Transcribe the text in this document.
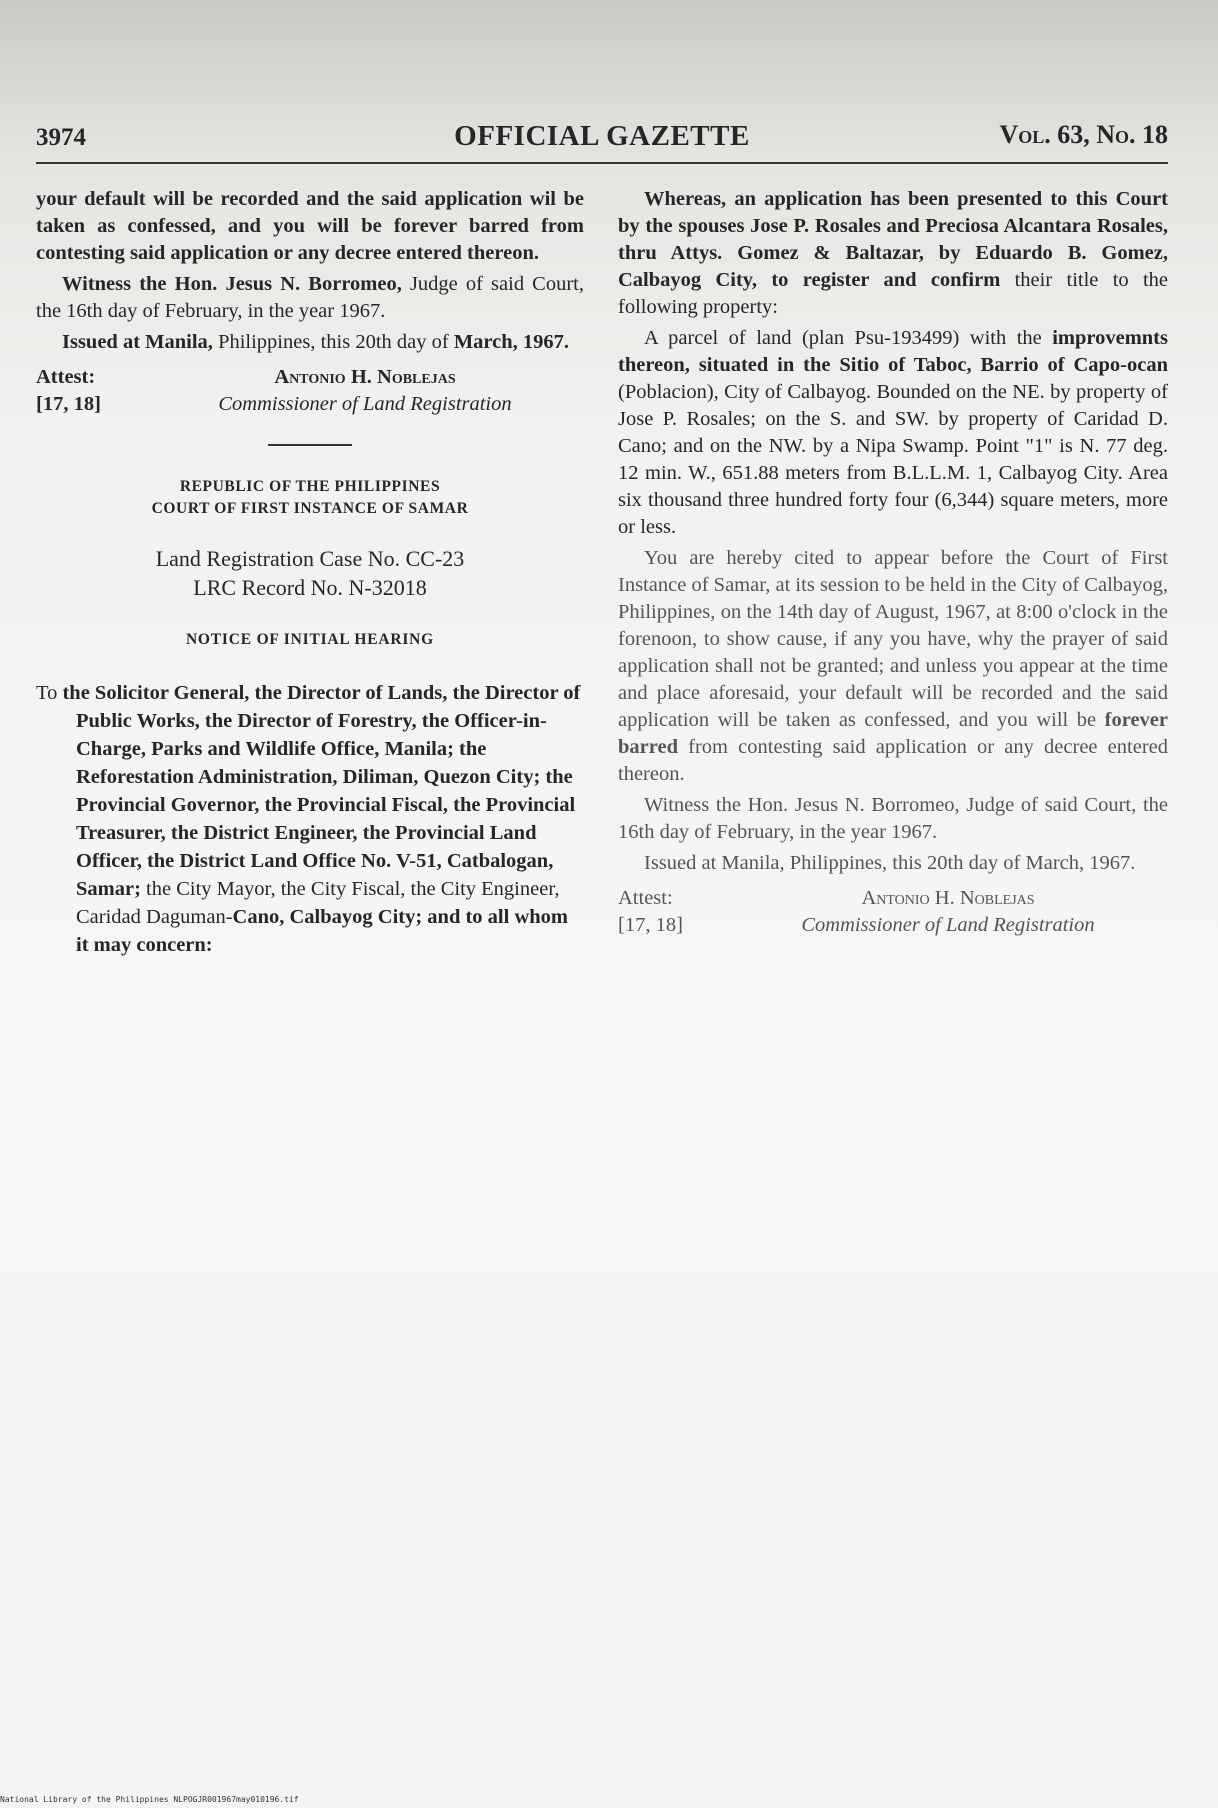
3974	OFFICIAL GAZETTE	Vol. 63, No. 18

your default will be recorded and the said application wil be taken as confessed, and you will be forever barred from contesting said application or any decree entered thereon.

Witness the Hon. Jesus N. Borromeo, Judge of said Court, the 16th day of February, in the year 1967.

Issued at Manila, Philippines, this 20th day of March, 1967.

Attest:
[17, 18]
Antonio H. Noblejas
Commissioner of Land Registration
REPUBLIC OF THE PHILIPPINES
COURT OF FIRST INSTANCE OF SAMAR
Land Registration Case No. CC-23
LRC Record No. N-32018
NOTICE OF INITIAL HEARING

To the Solicitor General, the Director of Lands, the Director of Public Works, the Director of Forestry, the Officer-in-Charge, Parks and Wildlife Office, Manila; the Reforestation Administration, Diliman, Quezon City; the Provincial Governor, the Provincial Fiscal, the Provincial Treasurer, the District Engineer, the Provincial Land Officer, the District Land Office No. V-51, Catbalogan, Samar; the City Mayor, the City Fiscal, the City Engineer, Caridad Daguman-Cano, Calbayog City; and to all whom it may concern:

Whereas, an application has been presented to this Court by the spouses Jose P. Rosales and Preciosa Alcantara Rosales, thru Attys. Gomez & Baltazar, by Eduardo B. Gomez, Calbayog City, to register and confirm their title to the following property:

A parcel of land (plan Psu-193499) with the improvemnts thereon, situated in the Sitio of Taboc, Barrio of Capo-ocan (Poblacion), City of Calbayog. Bounded on the NE. by property of Jose P. Rosales; on the S. and SW. by property of Caridad D. Cano; and on the NW. by a Nipa Swamp. Point "1" is N. 77 deg. 12 min. W., 651.88 meters from B.L.L.M. 1, Calbayog City. Area six thousand three hundred forty four (6,344) square meters, more or less.

You are hereby cited to appear before the Court of First Instance of Samar, at its session to be held in the City of Calbayog, Philippines, on the 14th day of August, 1967, at 8:00 o'clock in the forenoon, to show cause, if any you have, why the prayer of said application shall not be granted; and unless you appear at the time and place aforesaid, your default will be recorded and the said application will be taken as confessed, and you will be forever barred from contesting said application or any decree entered thereon.

Witness the Hon. Jesus N. Borromeo, Judge of said Court, the 16th day of February, in the year 1967.

Issued at Manila, Philippines, this 20th day of March, 1967.

Attest:
[17, 18]
Antonio H. Noblejas
Commissioner of Land Registration
National Library of the Philippines NLPOGJR001967may010196.tif
